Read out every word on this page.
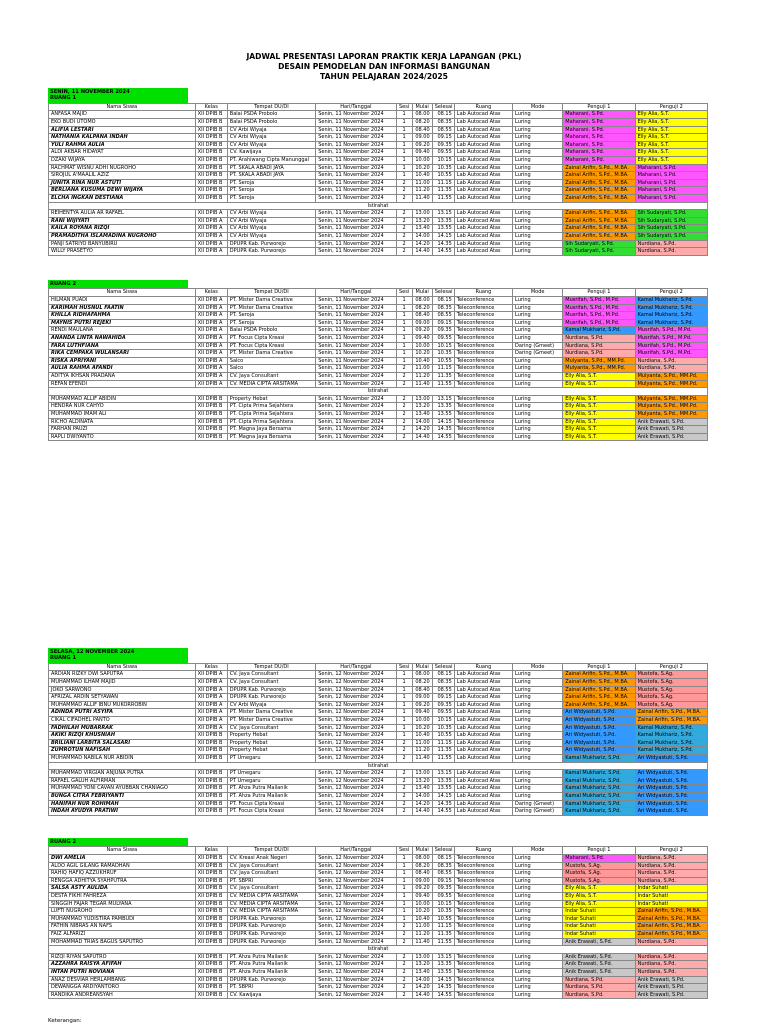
JADWAL PRESENTASI LAPORAN PRAKTIK KERJA LAPANGAN (PKL)
DESAIN PEMODELAN DAN INFORMASI BANGUNAN
TAHUN PELAJARAN 2024/2025
SENIN, 11 NOVEMBER 2024
RUANG 1
Nama Siswa	Kelas	Tempat DU/DI	Hari/Tanggal	Sesi	Mulai	Selesai	Ruang	Mode	Penguji 1	Penguji 2
ANFASA MAJID	XII DPIB B	Balai PSDA Probolo	Senin, 11 November 2024	1	08.00	08.15	Lab Autocad Atas	Luring	Maharani, S.Pd.	Elly Alia, S.T.
EKO BUDI UTOMO	XII DPIB B	Balai PSDA Probolo	Senin, 11 November 2024	1	08.20	08.35	Lab Autocad Atas	Luring	Maharani, S.Pd.	Elly Alia, S.T.
ALIFIA LESTARI	XII DPIB B	CV Arbi Wiyaja	Senin, 11 November 2024	1	08.40	08.55	Lab Autocad Atas	Luring	Maharani, S.Pd.	Elly Alia, S.T.
NATHANIA KALPANA INDAH	XII DPIB B	CV Arbi Wiyaja	Senin, 11 November 2024	1	09.00	09.15	Lab Autocad Atas	Luring	Maharani, S.Pd.	Elly Alia, S.T.
YULI RAHMA AULIA	XII DPIB B	CV Arbi Wiyaja	Senin, 11 November 2024	1	09.20	09.35	Lab Autocad Atas	Luring	Maharani, S.Pd.	Elly Alia, S.T.
ALDI AKBAR HIDAYAT	XII DPIB B	CV. Kawijaya	Senin, 11 November 2024	1	09.40	09.55	Lab Autocad Atas	Luring	Maharani, S.Pd.	Elly Alia, S.T.
DZAKI WIJAYA	XII DPIB B	PT. Arahiwang Cipta Manunggal	Senin, 11 November 2024	1	10.00	10.15	Lab Autocad Atas	Luring	Maharani, S.Pd.	Elly Alia, S.T.
RACHMAT WISNU ADHI NUGROHO	XII DPIB B	PT. SKALA ABADI JAYA	Senin, 11 November 2024	1	10.20	10.35	Lab Autocad Atas	Luring	Zainal Arifin, S.Pd., M.BA.	Maharani, S.Pd.
SIROJUL A'MAALIL AZIZ	XII DPIB B	PT. SKALA ABADI JAYA	Senin, 11 November 2024	1	10.40	10.55	Lab Autocad Atas	Luring	Zainal Arifin, S.Pd., M.BA.	Maharani, S.Pd.
JUNITA RINA NUR ASTUTI	XII DPIB B	PT. Seroja	Senin, 11 November 2024	2	11.00	11.15	Lab Autocad Atas	Luring	Zainal Arifin, S.Pd., M.BA.	Maharani, S.Pd.
BERLIANA KUSUMA DEWI WIJAYA	XII DPIB B	PT. Seroja	Senin, 11 November 2024	2	11.20	11.35	Lab Autocad Atas	Luring	Zainal Arifin, S.Pd., M.BA.	Maharani, S.Pd.
ELCHA INGKAN DESTIANA	XII DPIB B	PT. Seroja	Senin, 11 November 2024	2	11.40	11.55	Lab Autocad Atas	Luring	Zainal Arifin, S.Pd., M.BA.	Maharani, S.Pd.
Istirahat										
REIHENTYA AULIA AR RAFAEL	XII DPIB A	CV Arbi Wiyaja	Senin, 11 November 2024	2	13.00	13.15	Lab Autocad Atas	Luring	Zainal Arifin, S.Pd., M.BA.	Sih Sudaryati, S.Pd.
RANI WIJIYATI	XII DPIB A	CV Arbi Wiyaja	Senin, 11 November 2024	2	13.20	13.35	Lab Autocad Atas	Luring	Zainal Arifin, S.Pd., M.BA.	Sih Sudaryati, S.Pd.
KAILA ROYANA RIZQI	XII DPIB A	CV Arbi Wiyaja	Senin, 11 November 2024	2	13.40	13.55	Lab Autocad Atas	Luring	Zainal Arifin, S.Pd., M.BA.	Sih Sudaryati, S.Pd.
PRAMADITHA ISLAMADINA NUGROHO	XII DPIB A	CV Arbi Wiyaja	Senin, 11 November 2024	2	14.00	14.15	Lab Autocad Atas	Luring	Zainal Arifin, S.Pd., M.BA.	Sih Sudaryati, S.Pd.
PANJI SATRIYO BANYUBIRU	XII DPIB A	DPUPR Kab. Purworejo	Senin, 11 November 2024	2	14.20	14.35	Lab Autocad Atas	Luring	Sih Sudaryati, S.Pd.	Nurdiana, S.Pd.
WILLY PRASETYO	XII DPIB A	DPUPR Kab. Purworejo	Senin, 11 November 2024	2	14.40	14.55	Lab Autocad Atas	Luring	Sih Sudaryati, S.Pd.	Nurdiana, S.Pd.
RUANG 2
Nama Siswa	Kelas	Tempat DU/DI	Hari/Tanggal	Sesi	Mulai	Selesai	Ruang	Mode	Penguji 1	Penguji 2
HILMAN PUADI	XII DPIB A	PT. Mister Dama Creative	Senin, 11 November 2024	1	08.00	08.15	Teleconference	Luring	Musrifah, S.Pd., M.Pd.	Kamal Mukhariz, S.Pd.
KARIMAH HUSNUL FAATIN	XII DPIB A	PT. Mister Dama Creative	Senin, 11 November 2024	1	08.20	08.35	Teleconference	Luring	Musrifah, S.Pd., M.Pd.	Kamal Mukhariz, S.Pd.
KHILLA RIDHAFAHMA	XII DPIB A	PT. Seroja	Senin, 11 November 2024	1	08.40	08.55	Teleconference	Luring	Musrifah, S.Pd., M.Pd.	Kamal Mukhariz, S.Pd.
MAYNIS PUTRI REJEKI	XII DPIB A	PT. Seroja	Senin, 11 November 2024	1	09.00	09.15	Teleconference	Luring	Musrifah, S.Pd., M.Pd.	Kamal Mukhariz, S.Pd.
RENDI MAULANA	XII DPIB A	Balai PSDA Probolo	Senin, 11 November 2024	1	09.20	09.35	Teleconference	Luring	Kamal Mukhariz, S.Pd.	Musrifah, S.Pd., M.Pd.
ANANDA LINTA NAWAHIDA	XII DPIB A	PT. Focus Cipta Kreasi	Senin, 11 November 2024	1	09.40	09.55	Teleconference	Luring	Nurdiana, S.Pd.	Musrifah, S.Pd., M.Pd.
FARA LUTHFIANA	XII DPIB A	PT. Focus Cipta Kreasi	Senin, 11 November 2024	1	10.00	10.15	Teleconference	Daring (Gmeet)	Nurdiana, S.Pd.	Musrifah, S.Pd., M.Pd.
RIKA CEMPAKA WULANSARI	XII DPIB A	PT. Mister Dama Creative	Senin, 11 November 2024	1	10.20	10.35	Teleconference	Daring (Gmeet)	Nurdiana, S.Pd.	Musrifah, S.Pd., M.Pd.
RISKA APRIYANI	XII DPIB A	Salco	Senin, 11 November 2024	1	10.40	10.55	Teleconference	Luring	Mulyanta, S.Pd., MM.Pd.	Nurdiana, S.Pd.
AULIA RAHMA AFANDI	XII DPIB A	Salco	Senin, 11 November 2024	2	11.00	11.15	Teleconference	Luring	Mulyanta, S.Pd., MM.Pd.	Nurdiana, S.Pd.
ADITYA IKHSAN PRADANA	XII DPIB A	CV. Jaya Consultant	Senin, 11 November 2024	2	11.20	11.35	Teleconference	Luring	Elly Alia, S.T.	Mulyanta, S.Pd., MM.Pd.
REFAN EFENDI	XII DPIB A	CV. MEDIA CIPTA ARSITAMA	Senin, 11 November 2024	2	11.40	11.55	Teleconference	Luring	Elly Alia, S.T.	Mulyanta, S.Pd., MM.Pd.
Istirahat										
MUHAMMAD ALLIF ABIDIN	XII DPIB B	Property Hebat	Senin, 11 November 2024	2	13.00	13.15	Teleconference	Luring	Elly Alia, S.T.	Mulyanta, S.Pd., MM.Pd.
HENDRA NUR CAHYO	XII DPIB B	PT. Cipta Prima Sejahtera	Senin, 11 November 2024	2	13.20	13.35	Teleconference	Luring	Elly Alia, S.T.	Mulyanta, S.Pd., MM.Pd.
MUHAMMAD IMAM ALI	XII DPIB B	PT. Cipta Prima Sejahtera	Senin, 11 November 2024	2	13.40	13.55	Teleconference	Luring	Elly Alia, S.T.	Mulyanta, S.Pd., MM.Pd.
RICHO ALDINATA	XII DPIB B	PT. Cipta Prima Sejahtera	Senin, 11 November 2024	2	14.00	14.15	Teleconference	Luring	Elly Alia, S.T.	Anik Erawati, S.Pd.
FARHAN PAUZI	XII DPIB B	PT. Magna Jaya Bersama	Senin, 11 November 2024	2	14.20	14.35	Teleconference	Luring	Elly Alia, S.T.	Anik Erawati, S.Pd.
RAPLI DWIYANTO	XII DPIB B	PT. Magna Jaya Bersama	Senin, 11 November 2024	2	14.40	14.55	Teleconference	Luring	Elly Alia, S.T.	Anik Erawati, S.Pd.
SELASA, 12 NOVEMBER 2024
RUANG 1
Nama Siswa	Kelas	Tempat DU/DI	Hari/Tanggal	Sesi	Mulai	Selesai	Ruang	Mode	Penguji 1	Penguji 2
ARDIAN RIZKY DWI SAPUTRA	XII DPIB A	CV. Jaya Consultant	Senin, 12 November 2024	1	08.00	08.15	Lab Autocad Atas	Luring	Zainal Arifin, S.Pd., M.BA.	Mustofa, S.Ag.
MUHAMMAD ILHAM MAJID	XII DPIB A	CV. Jaya Consultant	Senin, 12 November 2024	1	08.20	08.35	Lab Autocad Atas	Luring	Zainal Arifin, S.Pd., M.BA.	Mustofa, S.Ag.
JOKO SARWONO	XII DPIB A	DPUPR Kab. Purworejo	Senin, 12 November 2024	1	08.40	08.55	Lab Autocad Atas	Luring	Zainal Arifin, S.Pd., M.BA.	Mustofa, S.Ag.
AFRIZAL ARDIN SETYAWAN	XII DPIB A	DPUPR Kab. Purworejo	Senin, 12 November 2024	1	09.00	09.15	Lab Autocad Atas	Luring	Zainal Arifin, S.Pd., M.BA.	Mustofa, S.Ag.
MUHAMMAD ALLIF IBNU MUKORROBIN	XII DPIB A	CV Arbi Wiyaja	Senin, 12 November 2024	1	09.20	09.35	Lab Autocad Atas	Luring	Zainal Arifin, S.Pd., M.BA.	Mustofa, S.Ag.
ADINDA PUTRI ASYIFA	XII DPIB A	PT. Mister Dama Creative	Senin, 12 November 2024	1	09.40	09.55	Lab Autocad Atas	Luring	Ari Widyastuti, S.Pd.	Zainal Arifin, S.Pd., M.BA.
CIKAL CIFADHEL PANTO	XII DPIB A	PT. Mister Dama Creative	Senin, 12 November 2024	1	10.00	10.15	Lab Autocad Atas	Luring	Ari Widyastuti, S.Pd.	Zainal Arifin, S.Pd., M.BA.
FADHILAH MUBARRAK	XII DPIB A	CV. Jaya Consultant	Senin, 12 November 2024	1	10.20	10.35	Lab Autocad Atas	Luring	Ari Widyastuti, S.Pd.	Kamal Mukhariz, S.Pd.
AKIKI RIZQI KHUSNIAH	XII DPIB B	Property Hebat	Senin, 12 November 2024	1	10.40	10.55	Lab Autocad Atas	Luring	Ari Widyastuti, S.Pd.	Kamal Mukhariz, S.Pd.
BRILIANI LARBITA SALASARI	XII DPIB B	Property Hebat	Senin, 12 November 2024	2	11.00	11.15	Lab Autocad Atas	Luring	Ari Widyastuti, S.Pd.	Kamal Mukhariz, S.Pd.
ZUMROTUN NAFISAH	XII DPIB B	Property Hebat	Senin, 12 November 2024	2	11.20	11.35	Lab Autocad Atas	Luring	Ari Widyastuti, S.Pd.	Kamal Mukhariz, S.Pd.
MUHAMMAD NABILA NUR ABIDIN	XII DPIB B	PT Umegaru	Senin, 12 November 2024	2	11.40	11.55	Lab Autocad Atas	Luring	Kamal Mukhariz, S.Pd.	Ari Widyastuti, S.Pd.
Istirahat										
MUHAMMAD VIRGIAN ANJUNA PUTRA	XII DPIB B	PT Umegaru	Senin, 12 November 2024	2	13.00	13.15	Lab Autocad Atas	Luring	Kamal Mukhariz, S.Pd.	Ari Widyastuti, S.Pd.
RAFAEL GALUH ALFIRMAN	XII DPIB B	PT Umegaru	Senin, 12 November 2024	2	13.20	13.35	Lab Autocad Atas	Luring	Kamal Mukhariz, S.Pd.	Ari Widyastuti, S.Pd.
MUHAMMAD YONI CAVAN AYUBBAN CHANIAGO	XII DPIB B	PT. Ahza Putra Mailanik	Senin, 12 November 2024	2	13.40	13.55	Lab Autocad Atas	Luring	Kamal Mukhariz, S.Pd.	Ari Widyastuti, S.Pd.
BUNGA CITRA FEBRIYANTI	XII DPIB B	PT. Ahza Putra Mailanik	Senin, 12 November 2024	2	14.00	14.15	Lab Autocad Atas	Luring	Kamal Mukhariz, S.Pd.	Ari Widyastuti, S.Pd.
HANIFAH NUR ROHIMAH	XII DPIB B	PT. Focus Cipta Kreasi	Senin, 12 November 2024	2	14.20	14.35	Lab Autocad Atas	Daring (Gmeet)	Kamal Mukhariz, S.Pd.	Ari Widyastuti, S.Pd.
INDAH AYUDYA PRATIWI	XII DPIB B	PT. Focus Cipta Kreasi	Senin, 12 November 2024	2	14.40	14.55	Lab Autocad Atas	Daring (Gmeet)	Kamal Mukhariz, S.Pd.	Ari Widyastuti, S.Pd.
RUANG 2
Nama Siswa	Kelas	Tempat DU/DI	Hari/Tanggal	Sesi	Mulai	Selesai	Ruang	Mode	Penguji 1	Penguji 2
DWI AMELIA	XII DPIB B	CV. Kreasi Anak Negeri	Senin, 12 November 2024	1	08.00	08.15	Teleconference	Luring	Maharani, S.Pd.	Nurdiana, S.Pd.
ALDO AGIL GILANG RAMADHAN	XII DPIB B	CV. Jaya Consultant	Senin, 12 November 2024	1	08.20	08.35	Teleconference	Luring	Mustofa, S.Ag.	Nurdiana, S.Pd.
RAHIQ HAFIQ AZZUKHRUF	XII DPIB B	CV. Jaya Consultant	Senin, 12 November 2024	1	08.40	08.55	Teleconference	Luring	Mustofa, S.Ag.	Nurdiana, S.Pd.
RENGGA ADHITYA SYAHPUTRA	XII DPIB B	PT. SBPRI	Senin, 12 November 2024	1	09.00	09.15	Teleconference	Luring	Mustofa, S.Ag.	Nurdiana, S.Pd.
SALSA ASTY AULIDA	XII DPIB B	CV. Jaya Consultant	Senin, 12 November 2024	1	09.20	09.35	Teleconference	Luring	Elly Alia, S.T.	Indar Suhati
DESTA FIKHI FAHREZA	XII DPIB B	CV. MEDIA CIPTA ARSITAMA	Senin, 12 November 2024	1	09.40	09.55	Teleconference	Luring	Elly Alia, S.T.	Indar Suhati
SINGGIH FAJAR TEGAR MULYANA	XII DPIB B	CV. MEDIA CIPTA ARSITAMA	Senin, 12 November 2024	1	10.00	10.15	Teleconference	Luring	Elly Alia, S.T.	Indar Suhati
LUFTI NUGROHO	XII DPIB B	CV. MEDIA CIPTA ARSITAMA	Senin, 12 November 2024	1	10.20	10.35	Teleconference	Luring	Indar Suhati	Zainal Arifin, S.Pd., M.BA.
MUHAMMAD YUDISTIRA PAMBUDI	XII DPIB B	DPUPR Kab. Purworejo	Senin, 12 November 2024	1	10.40	10.55	Teleconference	Luring	Indar Suhati	Zainal Arifin, S.Pd., M.BA.
FATHIN NIBRAS AN NAFS	XII DPIB B	DPUPR Kab. Purworejo	Senin, 12 November 2024	2	11.00	11.15	Teleconference	Luring	Indar Suhati	Zainal Arifin, S.Pd., M.BA.
FAIZ ALFARIZI	XII DPIB B	DPUPR Kab. Purworejo	Senin, 12 November 2024	2	11.20	11.35	Teleconference	Luring	Indar Suhati	Zainal Arifin, S.Pd., M.BA.
MOHAMMAD TRIAS BAGUS SAPUTRO	XII DPIB B	DPUPR Kab. Purworejo	Senin, 12 November 2024	2	11.40	11.55	Teleconference	Luring	Anik Erawati, S.Pd.	Nurdiana, S.Pd.
Istirahat										
RIZQI RIYAN SAPUTRO	XII DPIB B	PT. Ahza Putra Mailanik	Senin, 12 November 2024	2	13.00	13.15	Teleconference	Luring	Anik Erawati, S.Pd.	Nurdiana, S.Pd.
AZZAHRA RAISYA AFIFAH	XII DPIB B	PT. Ahza Putra Mailanik	Senin, 12 November 2024	2	13.20	13.35	Teleconference	Luring	Anik Erawati, S.Pd.	Nurdiana, S.Pd.
INTAN PUTRI NOVIANA	XII DPIB B	PT. Ahza Putra Mailanik	Senin, 12 November 2024	2	13.40	13.55	Teleconference	Luring	Anik Erawati, S.Pd.	Nurdiana, S.Pd.
ANAZ DESVIAR HERLAMBANG	XII DPIB B	DPUPR Kab. Purworejo	Senin, 12 November 2024	2	14.00	14.15	Teleconference	Luring	Nurdiana, S.Pd.	Anik Erawati, S.Pd.
DEWANGGA ARDIYANTORO	XII DPIB B	PT. SBPRI	Senin, 12 November 2024	2	14.20	14.35	Teleconference	Luring	Nurdiana, S.Pd.	Anik Erawati, S.Pd.
RANDIKA ANDREANSYAH	XII DPIB B	CV. Kawijaya	Senin, 12 November 2024	2	14.40	14.55	Teleconference	Luring	Nurdiana, S.Pd.	Anik Erawati, S.Pd.
Keterangan:
